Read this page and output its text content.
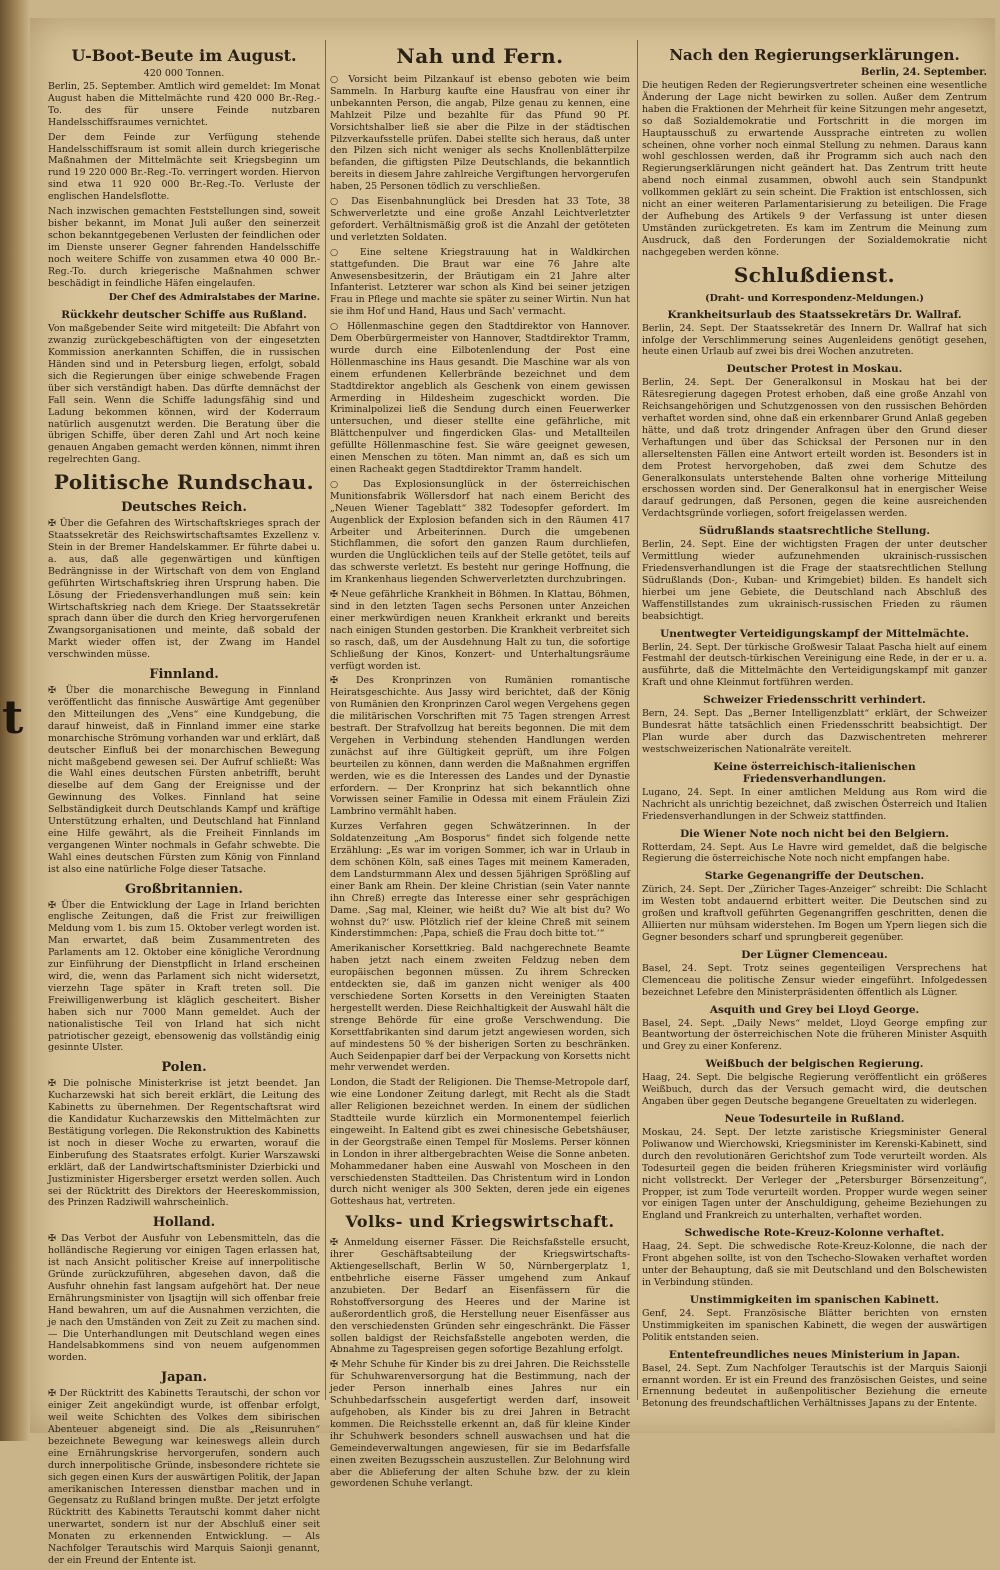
t
U-Boot-Beute im August.
420 000 Tonnen.

Berlin, 25. September. Amtlich wird gemeldet: Im Monat August haben die Mittelmächte rund 420 000 Br.-Reg.-To. des für unsere Feinde nutzbaren Handelsschiffsraumes vernichtet.

Der dem Feinde zur Verfügung stehende Handelsschiffsraum ist somit allein durch kriegerische Maßnahmen der Mittelmächte seit Kriegsbeginn um rund 19 220 000 Br.-Reg.-To. verringert worden. Hiervon sind etwa 11 920 000 Br.-Reg.-To. Verluste der englischen Handelsflotte.

Nach inzwischen gemachten Feststellungen sind, soweit bisher bekannt, im Monat Juli außer den seinerzeit schon bekanntgegebenen Verlusten der feindlichen oder im Dienste unserer Gegner fahrenden Handelsschiffe noch weitere Schiffe von zusammen etwa 40 000 Br.-Reg.-To. durch kriegerische Maßnahmen schwer beschädigt in feindliche Häfen eingelaufen.

Der Chef des Admiralstabes der Marine.

Rückkehr deutscher Schiffe aus Rußland.

Von maßgebender Seite wird mitgeteilt: Die Abfahrt von zwanzig zurückgebeschäftigten von der eingesetzten Kommission anerkannten Schiffen, die in russischen Händen sind und in Petersburg liegen, erfolgt, sobald sich die Regierungen über einige schwebende Fragen über sich verständigt haben. Das dürfte demnächst der Fall sein. Wenn die Schiffe ladungsfähig sind und Ladung bekommen können, wird der Koderraum natürlich ausgenutzt werden. Die Beratung über die übrigen Schiffe, über deren Zahl und Art noch keine genauen Angaben gemacht werden können, nimmt ihren regelrechten Gang.

Politische Rundschau.
Deutsches Reich.

✠ Über die Gefahren des Wirtschaftskrieges sprach der Staatssekretär des Reichswirtschaftsamtes Exzellenz v. Stein in der Bremer Handelskammer. Er führte dabei u. a. aus, daß alle gegenwärtigen und künftigen Bedrängnisse in der Wirtschaft von dem von England geführten Wirtschaftskrieg ihren Ursprung haben. Die Lösung der Friedensverhandlungen muß sein: kein Wirtschaftskrieg nach dem Kriege. Der Staatssekretär sprach dann über die durch den Krieg hervorgerufenen Zwangsorganisationen und meinte, daß sobald der Markt wieder offen ist, der Zwang im Handel verschwinden müsse.

Finnland.

✠ Über die monarchische Bewegung in Finnland veröffentlicht das finnische Auswärtige Amt gegenüber den Mitteilungen des „Vens“ eine Kundgebung, die darauf hinweist, daß in Finnland immer eine starke monarchische Strömung vorhanden war und erklärt, daß deutscher Einfluß bei der monarchischen Bewegung nicht maßgebend gewesen sei. Der Aufruf schließt: Was die Wahl eines deutschen Fürsten anbetrifft, beruht dieselbe auf dem Gang der Ereignisse und der Gewinnung des Volkes. Finnland hat seine Selbständigkeit durch Deutschlands Kampf und kräftige Unterstützung erhalten, und Deutschland hat Finnland eine Hilfe gewährt, als die Freiheit Finnlands im vergangenen Winter nochmals in Gefahr schwebte. Die Wahl eines deutschen Fürsten zum König von Finnland ist also eine natürliche Folge dieser Tatsache.

Großbritannien.

✠ Über die Entwicklung der Lage in Irland berichten englische Zeitungen, daß die Frist zur freiwilligen Meldung vom 1. bis zum 15. Oktober verlegt worden ist. Man erwartet, daß beim Zusammentreten des Parlaments am 12. Oktober eine königliche Verordnung zur Einführung der Dienstpflicht in Irland erscheinen wird, die, wenn das Parlament sich nicht widersetzt, vierzehn Tage später in Kraft treten soll. Die Freiwilligenwerbung ist kläglich gescheitert. Bisher haben sich nur 7000 Mann gemeldet. Auch der nationalistische Teil von Irland hat sich nicht patriotischer gezeigt, ebensowenig das vollständig einig gesinnte Ulster.

Polen.

✠ Die polnische Ministerkrise ist jetzt beendet. Jan Kucharzewski hat sich bereit erklärt, die Leitung des Kabinetts zu übernehmen. Der Regentschaftsrat wird die Kandidatur Kucharzewskis den Mittelmächten zur Bestätigung vorlegen. Die Rekonstruktion des Kabinetts ist noch in dieser Woche zu erwarten, worauf die Einberufung des Staatsrates erfolgt. Kurier Warszawski erklärt, daß der Landwirtschaftsminister Dzierbicki und Justizminister Higersberger ersetzt werden sollen. Auch sei der Rücktritt des Direktors der Heereskommission, des Prinzen Radziwill wahrscheinlich.

Holland.

✠ Das Verbot der Ausfuhr von Lebensmitteln, das die holländische Regierung vor einigen Tagen erlassen hat, ist nach Ansicht politischer Kreise auf innerpolitische Gründe zurückzuführen, abgesehen davon, daß die Ausfuhr ohnehin fast langsam aufgehört hat. Der neue Ernährungsminister von Ijsagtijn will sich offenbar freie Hand bewahren, um auf die Ausnahmen verzichten, die je nach den Umständen von Zeit zu Zeit zu machen sind. — Die Unterhandlungen mit Deutschland wegen eines Handelsabkommens sind von neuem aufgenommen worden.

Japan.

✠ Der Rücktritt des Kabinetts Terautschi, der schon vor einiger Zeit angekündigt wurde, ist offenbar erfolgt, weil weite Schichten des Volkes dem sibirischen Abenteuer abgeneigt sind. Die als „Reisunruhen“ bezeichnete Bewegung war keineswegs allein durch eine Ernährungskrise hervorgerufen, sondern auch durch innerpolitische Gründe, insbesondere richtete sie sich gegen einen Kurs der auswärtigen Politik, der Japan amerikanischen Interessen dienstbar machen und in Gegensatz zu Rußland bringen mußte. Der jetzt erfolgte Rücktritt des Kabinetts Terautschi kommt daher nicht unerwartet, sondern ist nur der Abschluß einer seit Monaten zu erkennenden Entwicklung. — Als Nachfolger Terautschis wird Marquis Saionji genannt, der ein Freund der Entente ist.

Nah und Fern.

○ Vorsicht beim Pilzankauf ist ebenso geboten wie beim Sammeln. In Harburg kaufte eine Hausfrau von einer ihr unbekannten Person, die angab, Pilze genau zu kennen, eine Mahlzeit Pilze und bezahlte für das Pfund 90 Pf. Vorsichtshalber ließ sie aber die Pilze in der städtischen Pilzverkaufsstelle prüfen. Dabei stellte sich heraus, daß unter den Pilzen sich nicht weniger als sechs Knollenblätterpilze befanden, die giftigsten Pilze Deutschlands, die bekanntlich bereits in diesem Jahre zahlreiche Vergiftungen hervorgerufen haben, 25 Personen tödlich zu verschließen.

○ Das Eisenbahnunglück bei Dresden hat 33 Tote, 38 Schwerverletzte und eine große Anzahl Leichtverletzter gefordert. Verhältnismäßig groß ist die Anzahl der getöteten und verletzten Soldaten.

○ Eine seltene Kriegstrauung hat in Waldkirchen stattgefunden. Die Braut war eine 76 Jahre alte Anwesensbesitzerin, der Bräutigam ein 21 Jahre alter Infanterist. Letzterer war schon als Kind bei seiner jetzigen Frau in Pflege und machte sie später zu seiner Wirtin. Nun hat sie ihm Hof und Hand, Haus und Sach' vermacht.

○ Höllenmaschine gegen den Stadtdirektor von Hannover. Dem Oberbürgermeister von Hannover, Stadtdirektor Tramm, wurde durch eine Eilbotenlendung der Post eine Höllenmaschine ins Haus gesandt. Die Maschine war als von einem erfundenen Kellerbrände bezeichnet und dem Stadtdirektor angeblich als Geschenk von einem gewissen Armerding in Hildesheim zugeschickt worden. Die Kriminalpolizei ließ die Sendung durch einen Feuerwerker untersuchen, und dieser stellte eine gefährliche, mit Blättchenpulver und fingerdicken Glas- und Metallteilen gefüllte Höllenmaschine fest. Sie wäre geeignet gewesen, einen Menschen zu töten. Man nimmt an, daß es sich um einen Racheakt gegen Stadtdirektor Tramm handelt.

○ Das Explosionsunglück in der österreichischen Munitionsfabrik Wöllersdorf hat nach einem Bericht des „Neuen Wiener Tageblatt“ 382 Todesopfer gefordert. Im Augenblick der Explosion befanden sich in den Räumen 417 Arbeiter und Arbeiterinnen. Durch die umgebenen Stichflammen, die sofort den ganzen Raum durchliefen, wurden die Unglücklichen teils auf der Stelle getötet, teils auf das schwerste verletzt. Es besteht nur geringe Hoffnung, die im Krankenhaus liegenden Schwerverletzten durchzubringen.

✠ Neue gefährliche Krankheit in Böhmen. In Klattau, Böhmen, sind in den letzten Tagen sechs Personen unter Anzeichen einer merkwürdigen neuen Krankheit erkrankt und bereits nach einigen Stunden gestorben. Die Krankheit verbreitet sich so rasch, daß, um der Ausdehnung Halt zu tun, die sofortige Schließung der Kinos, Konzert- und Unterhaltungsräume verfügt worden ist.

✠ Des Kronprinzen von Rumänien romantische Heiratsgeschichte. Aus Jassy wird berichtet, daß der König von Rumänien den Kronprinzen Carol wegen Vergehens gegen die militärischen Vorschriften mit 75 Tagen strengen Arrest bestraft. Der Strafvollzug hat bereits begonnen. Die mit dem Vergehen in Verbindung stehenden Handlungen werden zunächst auf ihre Gültigkeit geprüft, um ihre Folgen beurteilen zu können, dann werden die Maßnahmen ergriffen werden, wie es die Interessen des Landes und der Dynastie erfordern. — Der Kronprinz hat sich bekanntlich ohne Vorwissen seiner Familie in Odessa mit einem Fräulein Zizi Lambrino vermählt haben.

Kurzes Verfahren gegen Schwätzerinnen. In der Soldatenzeitung „Am Bosporus“ findet sich folgende nette Erzählung: „Es war im vorigen Sommer, ich war in Urlaub in dem schönen Köln, saß eines Tages mit meinem Kameraden, dem Landsturmmann Alex und dessen 5jährigen Sprößling auf einer Bank am Rhein. Der kleine Christian (sein Vater nannte ihn Chreß) erregte das Interesse einer sehr gesprächigen Dame. ‚Sag mal, Kleiner, wie heißt du? Wie alt bist du? Wo wohnst du?‘ usw. Plötzlich rief der kleine Chreß mit seinem Kinderstimmchen: ‚Papa, schieß die Frau doch bitte tot.‘“

Amerikanischer Korsettkrieg. Bald nachgerechnete Beamte haben jetzt nach einem zweiten Feldzug neben dem europäischen begonnen müssen. Zu ihrem Schrecken entdeckten sie, daß im ganzen nicht weniger als 400 verschiedene Sorten Korsetts in den Vereinigten Staaten hergestellt werden. Diese Reichhaltigkeit der Auswahl hält die strenge Behörde für eine große Verschwendung. Die Korsettfabrikanten sind darum jetzt angewiesen worden, sich auf mindestens 50 % der bisherigen Sorten zu beschränken. Auch Seidenpapier darf bei der Verpackung von Korsetts nicht mehr verwendet werden.

London, die Stadt der Religionen. Die Themse-Metropole darf, wie eine Londoner Zeitung darlegt, mit Recht als die Stadt aller Religionen bezeichnet werden. In einem der südlichen Stadtteile wurde kürzlich ein Mormonentempel feierlich eingeweiht. In Ealtend gibt es zwei chinesische Gebetshäuser, in der Georgstraße einen Tempel für Moslems. Perser können in London in ihrer altbergebrachten Weise die Sonne anbeten. Mohammedaner haben eine Auswahl von Moscheen in den verschiedensten Stadtteilen. Das Christentum wird in London durch nicht weniger als 300 Sekten, deren jede ein eigenes Gotteshaus hat, vertreten.

Volks- und Kriegswirtschaft.

✠ Anmeldung eiserner Fässer. Die Reichsfaßstelle ersucht, ihrer Geschäftsabteilung der Kriegswirtschafts-Aktiengesellschaft, Berlin W 50, Nürnbergerplatz 1, entbehrliche eiserne Fässer umgehend zum Ankauf anzubieten. Der Bedarf an Eisenfässern für die Rohstoffversorgung des Heeres und der Marine ist außerordentlich groß, die Herstellung neuer Eisenfässer aus den verschiedensten Gründen sehr eingeschränkt. Die Fässer sollen baldigst der Reichsfaßstelle angeboten werden, die Abnahme zu Tagespreisen gegen sofortige Bezahlung erfolgt.

✠ Mehr Schuhe für Kinder bis zu drei Jahren. Die Reichsstelle für Schuhwarenversorgung hat die Bestimmung, nach der jeder Person innerhalb eines Jahres nur ein Schuhbedarfsschein ausgefertigt werden darf, insoweit aufgehoben, als Kinder bis zu drei Jahren in Betracht kommen. Die Reichsstelle erkennt an, daß für kleine Kinder ihr Schuhwerk besonders schnell auswachsen und hat die Gemeindeverwaltungen angewiesen, für sie im Bedarfsfalle einen zweiten Bezugsschein auszustellen. Zur Belohnung wird aber die Ablieferung der alten Schuhe bzw. der zu klein gewordenen Schuhe verlangt.

Nach den Regierungserklärungen.
Berlin, 24. September.

Die heutigen Reden der Regierungsvertreter scheinen eine wesentliche Änderung der Lage nicht bewirken zu sollen. Außer dem Zentrum haben die Fraktionen der Mehrheit für keine Sitzungen mehr angesetzt, so daß Sozialdemokratie und Fortschritt in die morgen im Hauptausschuß zu erwartende Aussprache eintreten zu wollen scheinen, ohne vorher noch einmal Stellung zu nehmen. Daraus kann wohl geschlossen werden, daß ihr Programm sich auch nach den Regierungserklärungen nicht geändert hat. Das Zentrum tritt heute abend noch einmal zusammen, obwohl auch sein Standpunkt vollkommen geklärt zu sein scheint. Die Fraktion ist entschlossen, sich nicht an einer weiteren Parlamentarisierung zu beteiligen. Die Frage der Aufhebung des Artikels 9 der Verfassung ist unter diesen Umständen zurückgetreten. Es kam im Zentrum die Meinung zum Ausdruck, daß den Forderungen der Sozialdemokratie nicht nachgegeben werden könne.

Schlußdienst.
(Draht- und Korrespondenz-Meldungen.)
Krankheitsurlaub des Staatssekretärs Dr. Wallraf.

Berlin, 24. Sept. Der Staatssekretär des Innern Dr. Wallraf hat sich infolge der Verschlimmerung seines Augenleidens genötigt gesehen, heute einen Urlaub auf zwei bis drei Wochen anzutreten.

Deutscher Protest in Moskau.

Berlin, 24. Sept. Der Generalkonsul in Moskau hat bei der Rätesregierung dagegen Protest erhoben, daß eine große Anzahl von Reichsangehörigen und Schutzgenossen von den russischen Behörden verhaftet worden sind, ohne daß ein erkennbarer Grund Anlaß gegeben hätte, und daß trotz dringender Anfragen über den Grund dieser Verhaftungen und über das Schicksal der Personen nur in den allerseltensten Fällen eine Antwort erteilt worden ist. Besonders ist in dem Protest hervorgehoben, daß zwei dem Schutze des Generalkonsulats unterstehende Balten ohne vorherige Mitteilung erschossen worden sind. Der Generalkonsul hat in energischer Weise darauf gedrungen, daß Personen, gegen die keine ausreichenden Verdachtsgründe vorliegen, sofort freigelassen werden.

Südrußlands staatsrechtliche Stellung.

Berlin, 24. Sept. Eine der wichtigsten Fragen der unter deutscher Vermittlung wieder aufzunehmenden ukrainisch-russischen Friedensverhandlungen ist die Frage der staatsrechtlichen Stellung Südrußlands (Don-, Kuban- und Krimgebiet) bilden. Es handelt sich hierbei um jene Gebiete, die Deutschland nach Abschluß des Waffenstillstandes zum ukrainisch-russischen Frieden zu räumen beabsichtigt.

Unentwegter Verteidigungskampf der Mittelmächte.

Berlin, 24. Sept. Der türkische Großwesir Talaat Pascha hielt auf einem Festmahl der deutsch-türkischen Vereinigung eine Rede, in der er u. a. ausführte, daß die Mittelmächte den Verteidigungskampf mit ganzer Kraft und ohne Kleinmut fortführen werden.

Schweizer Friedensschritt verhindert.

Bern, 24. Sept. Das „Berner Intelligenzblatt“ erklärt, der Schweizer Bundesrat hätte tatsächlich einen Friedensschritt beabsichtigt. Der Plan wurde aber durch das Dazwischentreten mehrerer westschweizerischen Nationalräte vereitelt.

Keine österreichisch-italienischen Friedensverhandlungen.

Lugano, 24. Sept. In einer amtlichen Meldung aus Rom wird die Nachricht als unrichtig bezeichnet, daß zwischen Österreich und Italien Friedensverhandlungen in der Schweiz stattfinden.

Die Wiener Note noch nicht bei den Belgiern.

Rotterdam, 24. Sept. Aus Le Havre wird gemeldet, daß die belgische Regierung die österreichische Note noch nicht empfangen habe.

Starke Gegenangriffe der Deutschen.

Zürich, 24. Sept. Der „Züricher Tages-Anzeiger“ schreibt: Die Schlacht im Westen tobt andauernd erbittert weiter. Die Deutschen sind zu großen und kraftvoll geführten Gegenangriffen geschritten, denen die Alliierten nur mühsam widerstehen. Im Bogen um Ypern liegen sich die Gegner besonders scharf und sprungbereit gegenüber.

Der Lügner Clemenceau.

Basel, 24. Sept. Trotz seines gegenteiligen Versprechens hat Clemenceau die politische Zensur wieder eingeführt. Infolgedessen bezeichnet Lefebre den Ministerpräsidenten öffentlich als Lügner.

Asquith und Grey bei Lloyd George.

Basel, 24. Sept. „Daily News“ meldet, Lloyd George empfing zur Beantwortung der österreichischen Note die früheren Minister Asquith und Grey zu einer Konferenz.

Weißbuch der belgischen Regierung.

Haag, 24. Sept. Die belgische Regierung veröffentlicht ein größeres Weißbuch, durch das der Versuch gemacht wird, die deutschen Angaben über gegen Deutsche begangene Greueltaten zu widerlegen.

Neue Todesurteile in Rußland.

Moskau, 24. Sept. Der letzte zaristische Kriegsminister General Poliwanow und Wierchowski, Kriegsminister im Kerenski-Kabinett, sind durch den revolutionären Gerichtshof zum Tode verurteilt worden. Als Todesurteil gegen die beiden früheren Kriegsminister wird vorläufig nicht vollstreckt. Der Verleger der „Petersburger Börsenzeitung“, Propper, ist zum Tode verurteilt worden. Propper wurde wegen seiner vor einigen Tagen unter der Anschuldigung, geheime Beziehungen zu England und Frankreich zu unterhalten, verhaftet worden.

Schwedische Rote-Kreuz-Kolonne verhaftet.

Haag, 24. Sept. Die schwedische Rote-Kreuz-Kolonne, die nach der Front abgehen sollte, ist von den Tschecho-Slowaken verhaftet worden unter der Behauptung, daß sie mit Deutschland und den Bolschewisten in Verbindung stünden.

Unstimmigkeiten im spanischen Kabinett.

Genf, 24. Sept. Französische Blätter berichten von ernsten Unstimmigkeiten im spanischen Kabinett, die wegen der auswärtigen Politik entstanden seien.

Ententefreundliches neues Ministerium in Japan.

Basel, 24. Sept. Zum Nachfolger Terautschis ist der Marquis Saionji ernannt worden. Er ist ein Freund des französischen Geistes, und seine Ernennung bedeutet in außenpolitischer Beziehung die erneute Betonung des freundschaftlichen Verhältnisses Japans zu der Entente.
